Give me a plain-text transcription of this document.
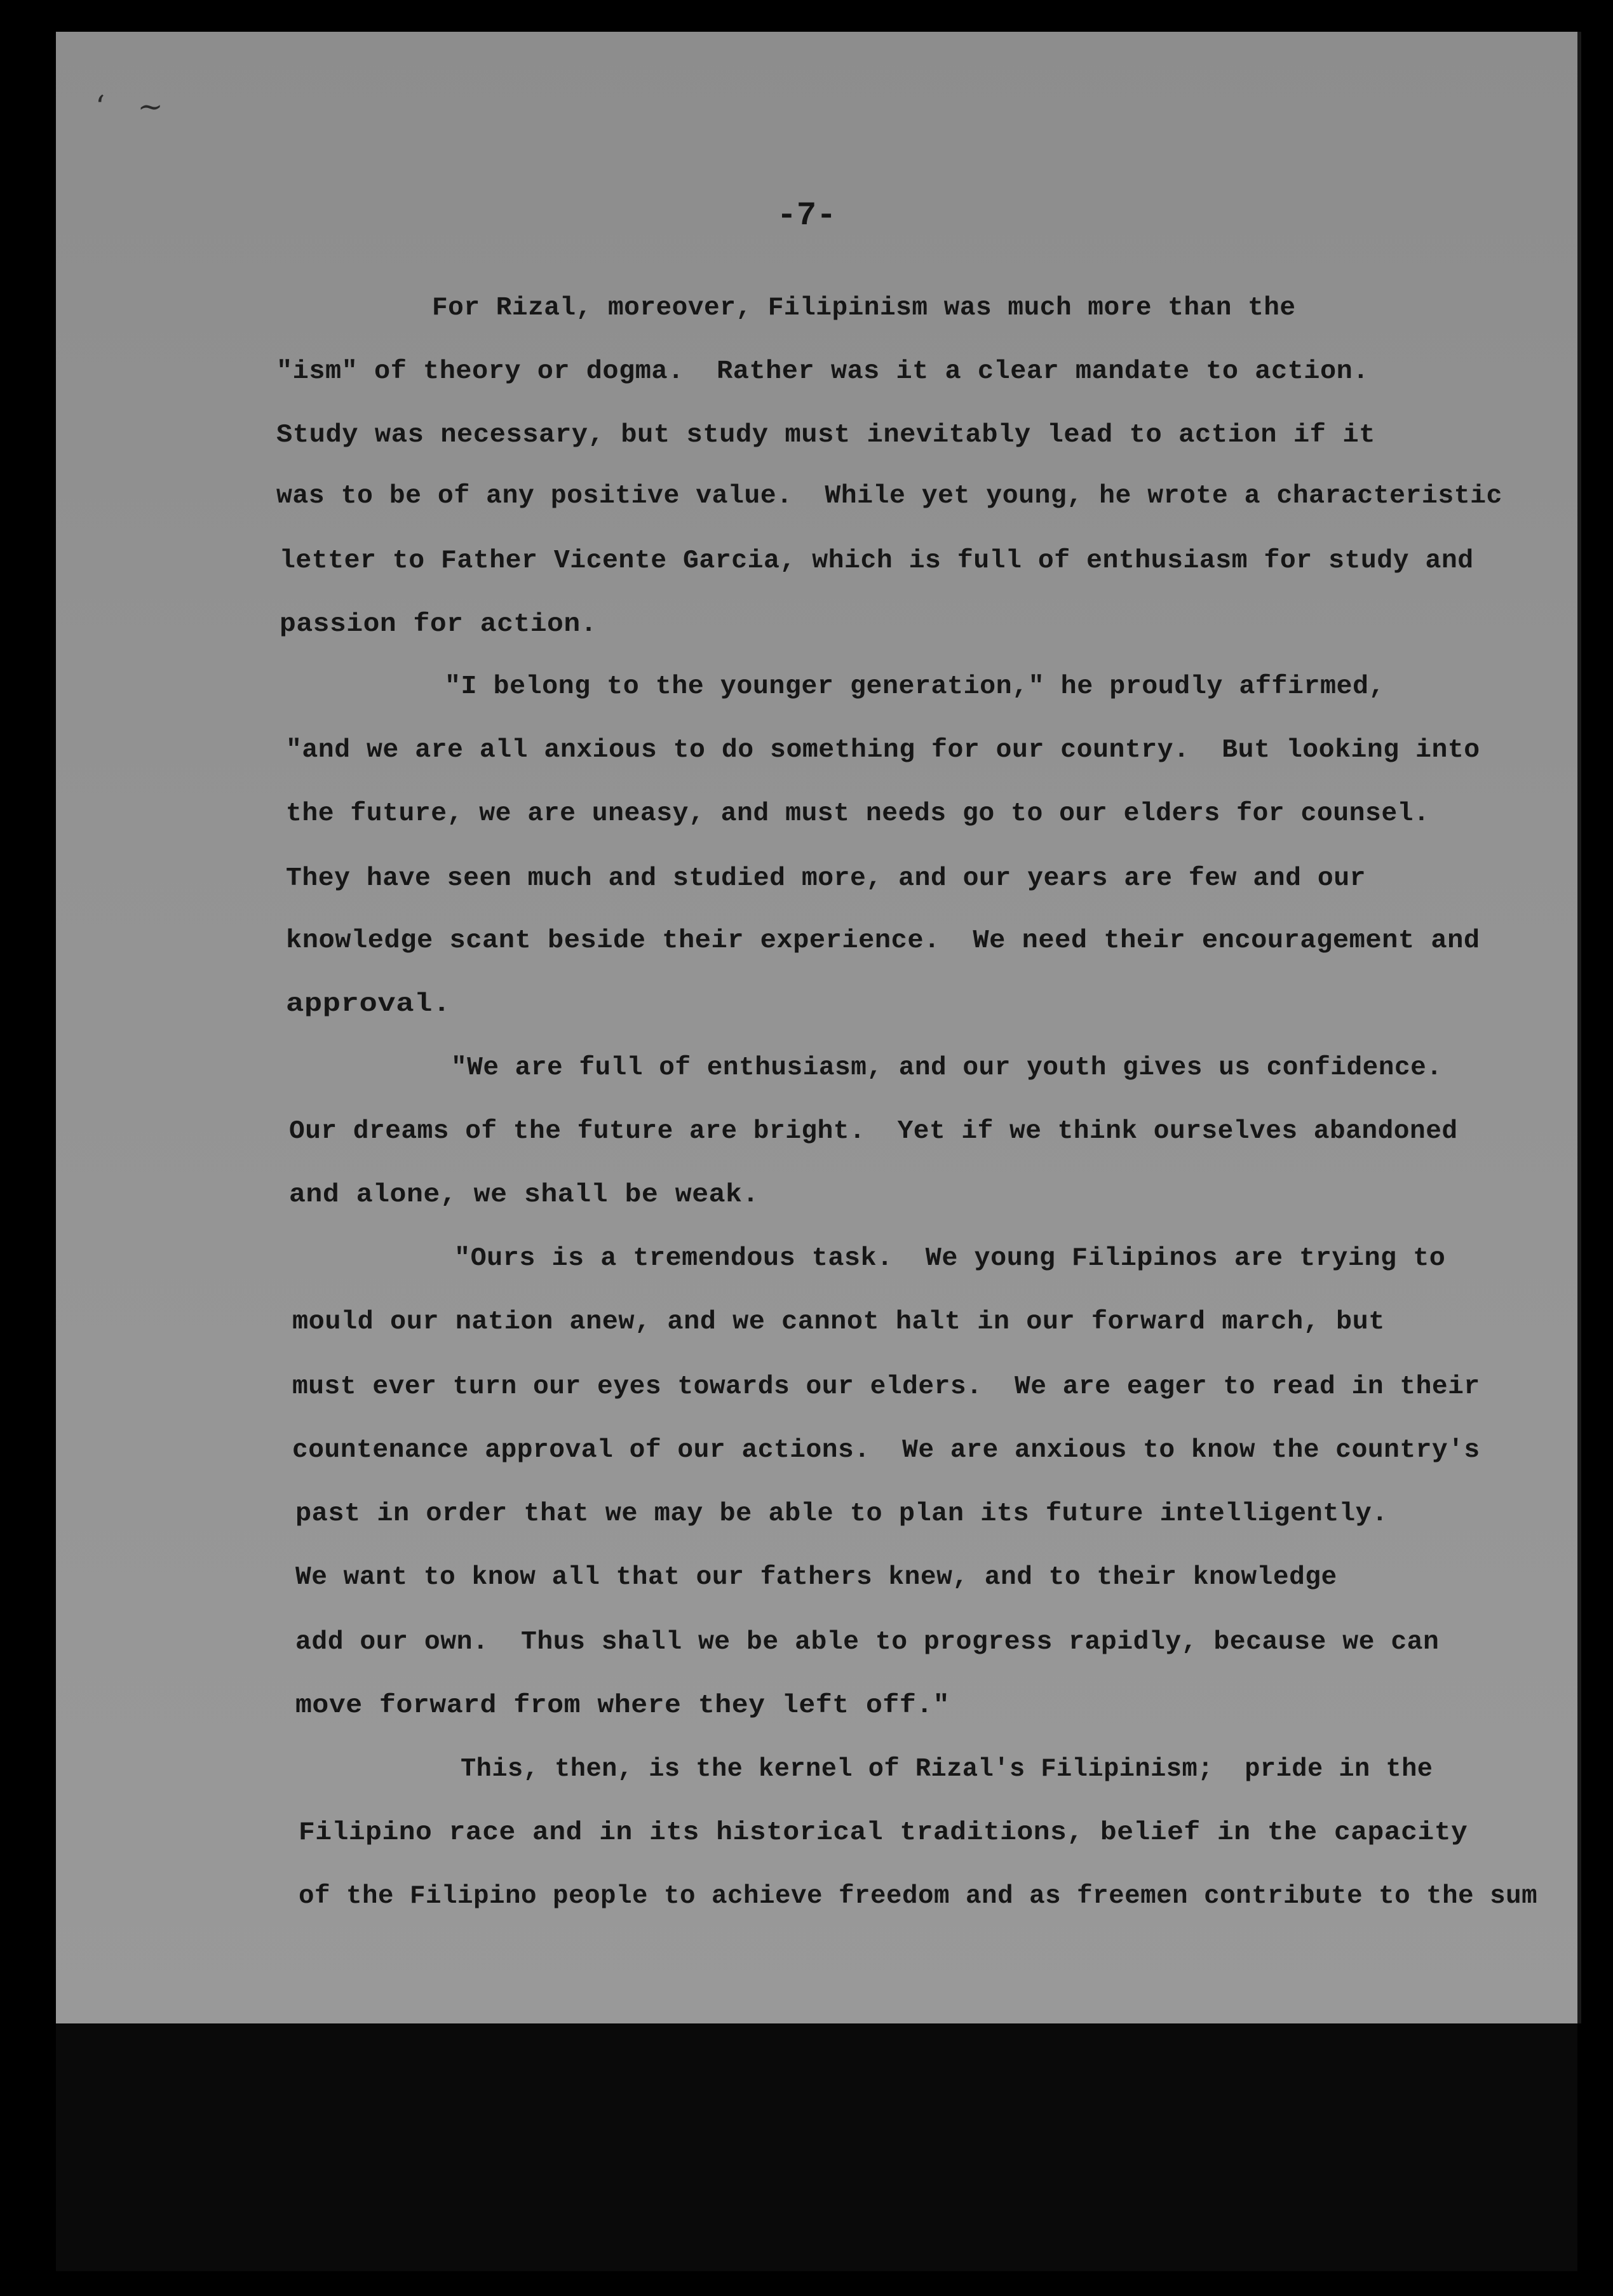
‘ ~
-7-
For Rizal, moreover, Filipinism was much more than the
"ism" of theory or dogma.  Rather was it a clear mandate to action.
Study was necessary, but study must inevitably lead to action if it
was to be of any positive value.  While yet young, he wrote a characteristic
letter to Father Vicente Garcia, which is full of enthusiasm for study and
passion for action.
"I belong to the younger generation," he proudly affirmed,
"and we are all anxious to do something for our country.  But looking into
the future, we are uneasy, and must needs go to our elders for counsel.
They have seen much and studied more, and our years are few and our
knowledge scant beside their experience.  We need their encouragement and
approval.
"We are full of enthusiasm, and our youth gives us confidence.
Our dreams of the future are bright.  Yet if we think ourselves abandoned
and alone, we shall be weak.
"Ours is a tremendous task.  We young Filipinos are trying to
mould our nation anew, and we cannot halt in our forward march, but
must ever turn our eyes towards our elders.  We are eager to read in their
countenance approval of our actions.  We are anxious to know the country's
past in order that we may be able to plan its future intelligently.
We want to know all that our fathers knew, and to their knowledge
add our own.  Thus shall we be able to progress rapidly, because we can
move forward from where they left off."
This, then, is the kernel of Rizal's Filipinism;  pride in the
Filipino race and in its historical traditions, belief in the capacity
of the Filipino people to achieve freedom and as freemen contribute to the sum
